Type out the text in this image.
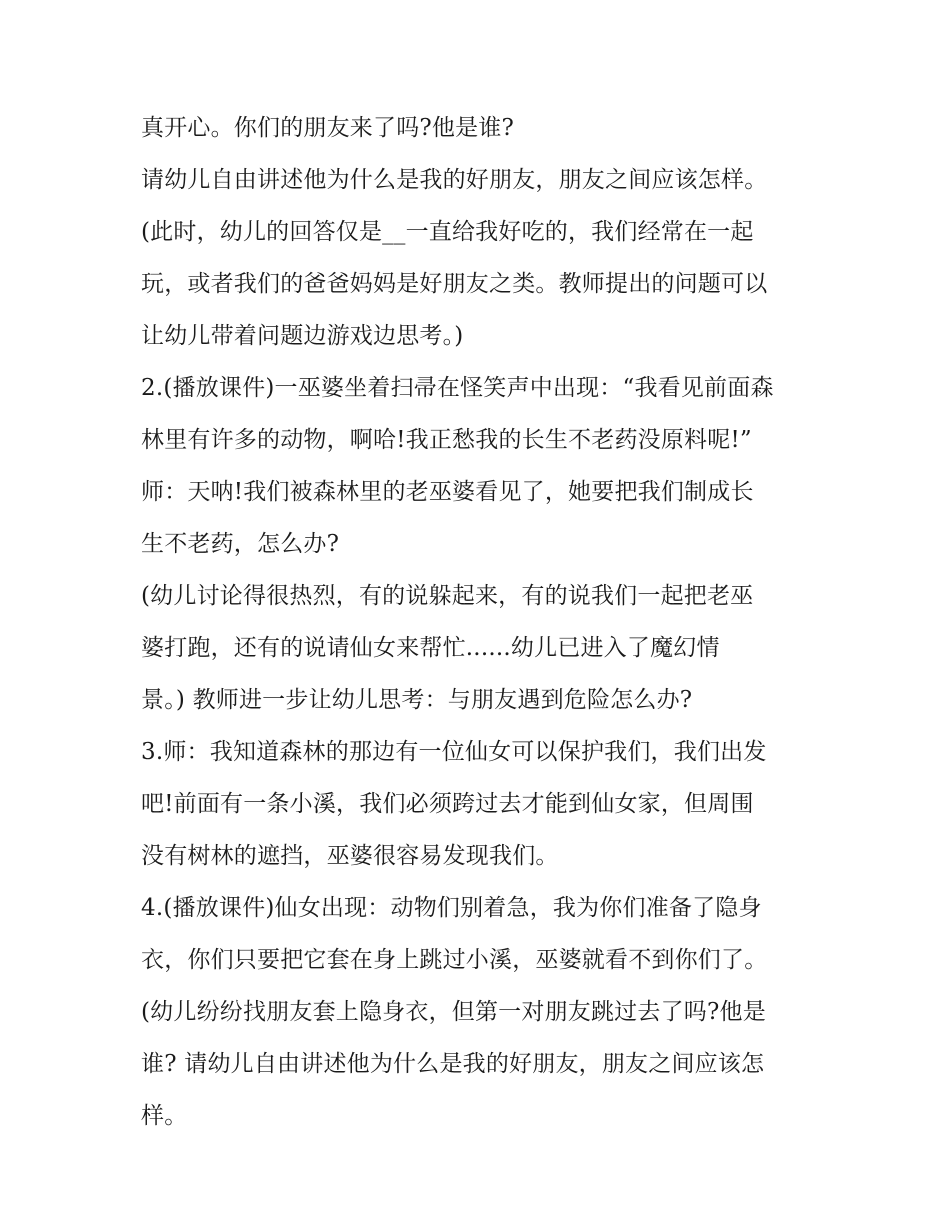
真开心。你们的朋友来了吗?他是谁?
请幼儿自由讲述他为什么是我的好朋友，朋友之间应该怎样。
(此时，幼儿的回答仅是__一直给我好吃的，我们经常在一起
玩，或者我们的爸爸妈妈是好朋友之类。教师提出的问题可以
让幼儿带着问题边游戏边思考。)
2.(播放课件)一巫婆坐着扫帚在怪笑声中出现：“我看见前面森
林里有许多的动物，啊哈!我正愁我的长生不老药没原料呢!”
师：天呐!我们被森林里的老巫婆看见了，她要把我们制成长
生不老药，怎么办?
(幼儿讨论得很热烈，有的说躲起来，有的说我们一起把老巫
婆打跑，还有的说请仙女来帮忙......幼儿已进入了魔幻情
景。) 教师进一步让幼儿思考：与朋友遇到危险怎么办?
3.师：我知道森林的那边有一位仙女可以保护我们，我们出发
吧!前面有一条小溪，我们必须跨过去才能到仙女家，但周围
没有树林的遮挡，巫婆很容易发现我们。
4.(播放课件)仙女出现：动物们别着急，我为你们准备了隐身
衣，你们只要把它套在身上跳过小溪，巫婆就看不到你们了。
(幼儿纷纷找朋友套上隐身衣，但第一对朋友跳过去了吗?他是
谁? 请幼儿自由讲述他为什么是我的好朋友，朋友之间应该怎
样。
